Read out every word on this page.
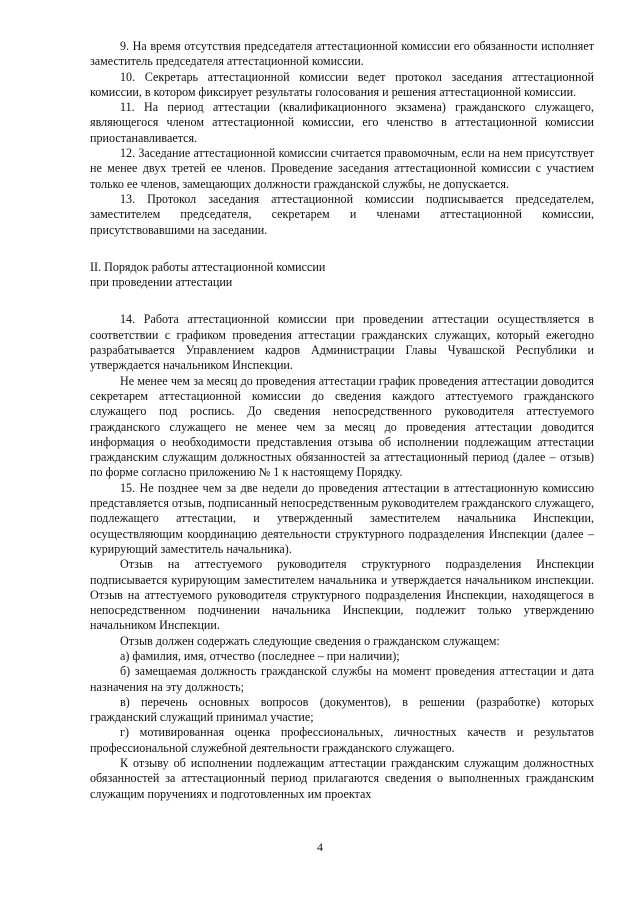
9. На время отсутствия председателя аттестационной комиссии его обязанности исполняет заместитель председателя аттестационной комиссии.

10. Секретарь аттестационной комиссии ведет протокол заседания аттестационной комиссии, в котором фиксирует результаты голосования и решения аттестационной комиссии.

11. На период аттестации (квалификационного экзамена) гражданского служащего, являющегося членом аттестационной комиссии, его членство в аттестационной комиссии приостанавливается.

12. Заседание аттестационной комиссии считается правомочным, если на нем присутствует не менее двух третей ее членов. Проведение заседания аттестационной комиссии с участием только ее членов, замещающих должности гражданской службы, не допускается.

13. Протокол заседания аттестационной комиссии подписывается председателем, заместителем председателя, секретарем и членами аттестационной комиссии, присутствовавшими на заседании.

II. Порядок работы аттестационной комиссии
при проведении аттестации

14. Работа аттестационной комиссии при проведении аттестации осуществляется в соответствии с графиком проведения аттестации гражданских служащих, который ежегодно разрабатывается Управлением кадров Администрации Главы Чувашской Республики и утверждается начальником Инспекции.

Не менее чем за месяц до проведения аттестации график проведения аттестации доводится секретарем аттестационной комиссии до сведения каждого аттестуемого гражданского служащего под роспись. До сведения непосредственного руководителя аттестуемого гражданского служащего не менее чем за месяц до проведения аттестации доводится информация о необходимости представления отзыва об исполнении подлежащим аттестации гражданским служащим должностных обязанностей за аттестационный период (далее – отзыв) по форме согласно приложению № 1 к настоящему Порядку.

15. Не позднее чем за две недели до проведения аттестации в аттестационную комиссию представляется отзыв, подписанный непосредственным руководителем гражданского служащего, подлежащего аттестации, и утвержденный заместителем начальника Инспекции, осуществляющим координацию деятельности структурного подразделения Инспекции (далее – курирующий заместитель начальника).

Отзыв на аттестуемого руководителя структурного подразделения Инспекции подписывается курирующим заместителем начальника и утверждается начальником инспекции. Отзыв на аттестуемого руководителя структурного подразделения Инспекции, находящегося в непосредственном подчинении начальника Инспекции, подлежит только утверждению начальником Инспекции.

Отзыв должен содержать следующие сведения о гражданском служащем:

а) фамилия, имя, отчество (последнее – при наличии);

б) замещаемая должность гражданской службы на момент проведения аттестации и дата назначения на эту должность;

в) перечень основных вопросов (документов), в решении (разработке) которых гражданский служащий принимал участие;

г) мотивированная оценка профессиональных, личностных качеств и результатов профессиональной служебной деятельности гражданского служащего.

К отзыву об исполнении подлежащим аттестации гражданским служащим должностных обязанностей за аттестационный период прилагаются сведения о выполненных гражданским служащим поручениях и подготовленных им проектах

4
